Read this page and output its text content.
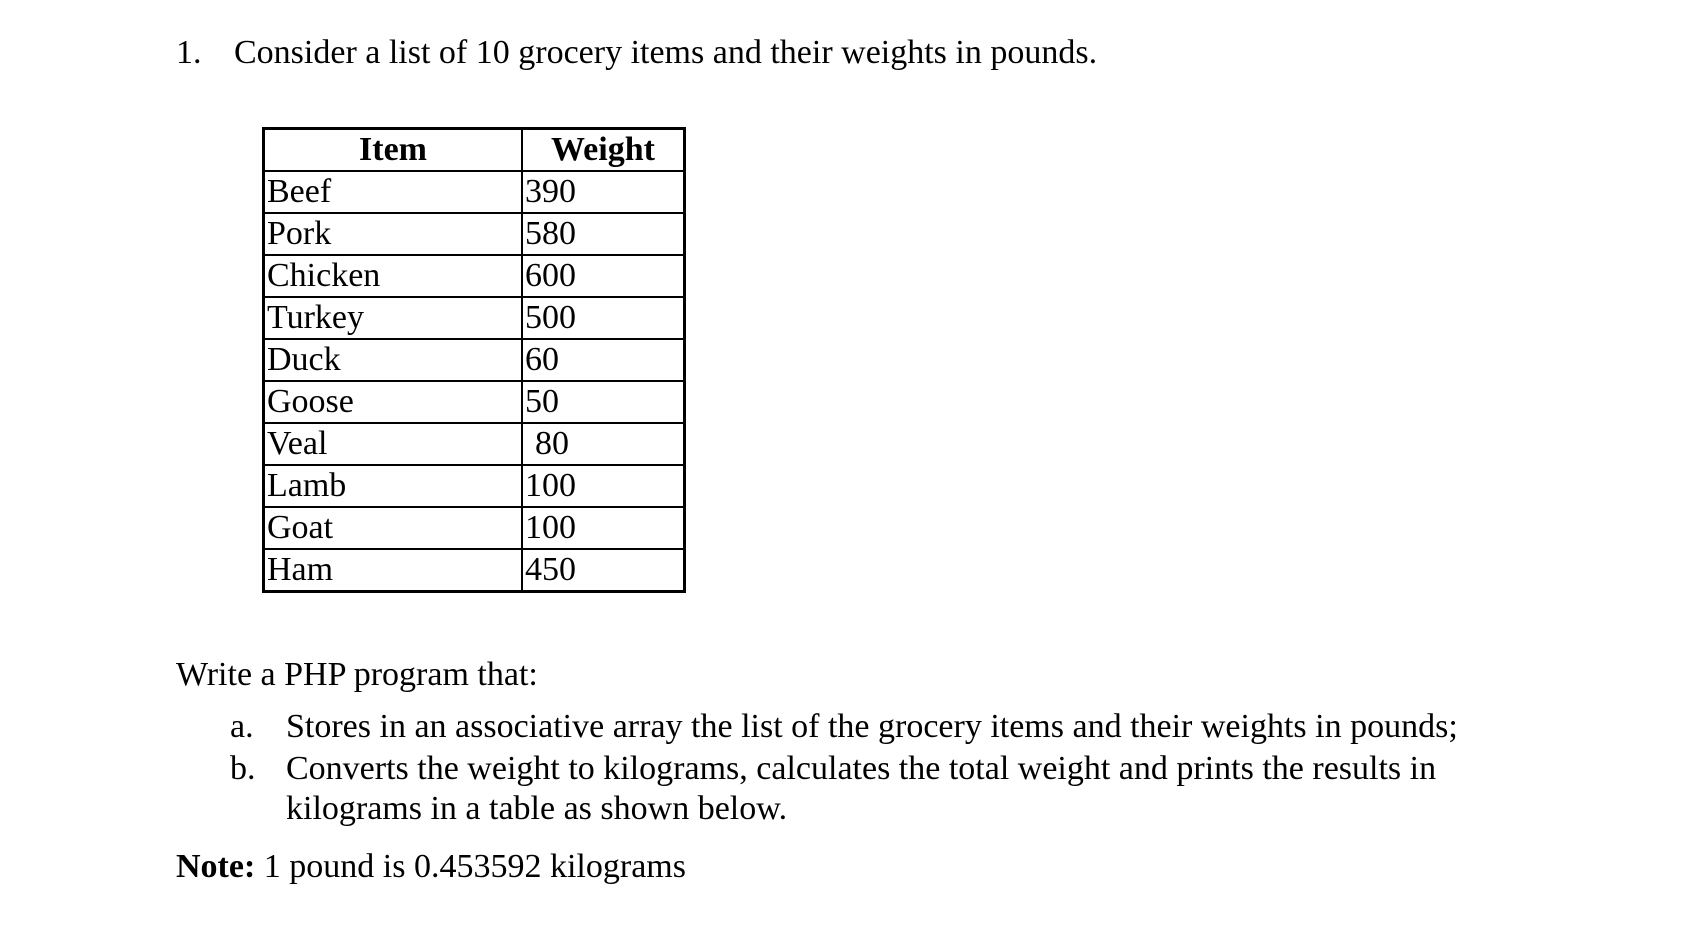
1. Consider a list of 10 grocery items and their weights in pounds.
Item	Weight
Beef	390
Pork	580
Chicken	600
Turkey	500
Duck	60
Goose	50
Veal	80
Lamb	100
Goat	100
Ham	450
Write a PHP program that:
a. Stores in an associative array the list of the grocery items and their weights in pounds;
b. Converts the weight to kilograms, calculates the total weight and prints the results in
kilograms in a table as shown below.
Note: 1 pound is 0.453592 kilograms
